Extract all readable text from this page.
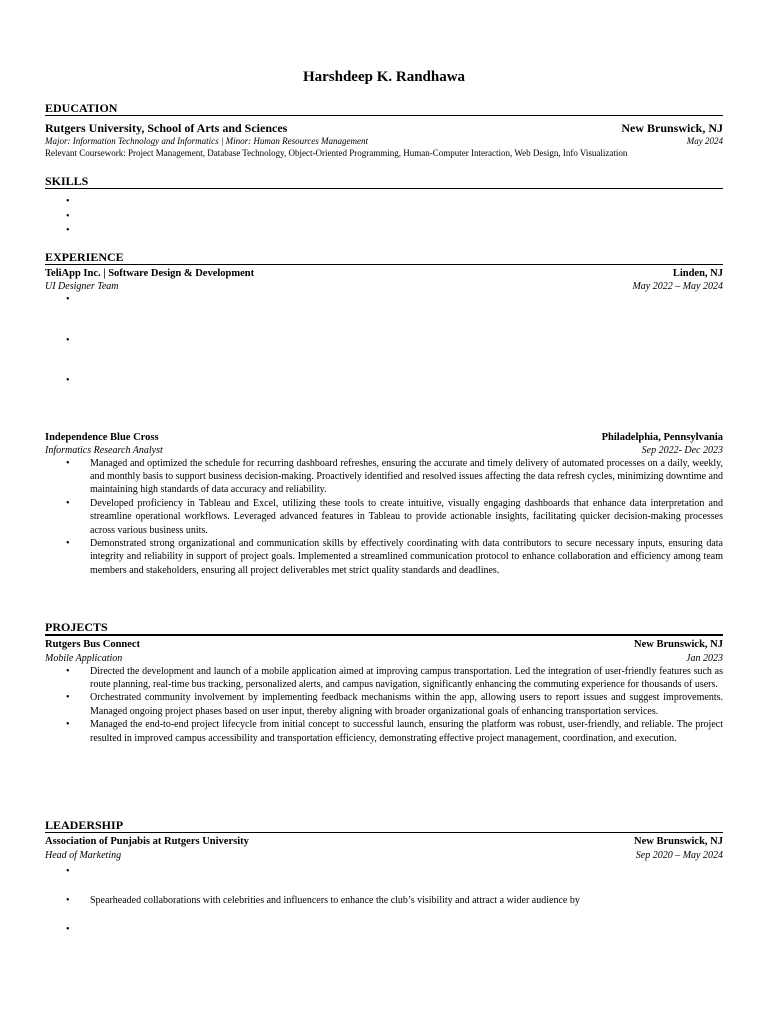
Harshdeep K. Randhawa
EDUCATION
Rutgers University, School of Arts and Sciences	New Brunswick, NJ
Major: Information Technology and Informatics | Minor: Human Resources Management	May 2024
Relevant Coursework: Project Management, Database Technology, Object-Oriented Programming, Human-Computer Interaction, Web Design, Info Visualization
SKILLS
•
•
•
EXPERIENCE
TeliApp Inc. | Software Design & Development	Linden, NJ
UI Designer Team	May 2022 – May 2024
•
•
•
Independence Blue Cross	Philadelphia, Pennsylvania
Informatics Research Analyst	Sep 2022- Dec 2023
• Managed and optimized the schedule for recurring dashboard refreshes, ensuring the accurate and timely delivery of automated processes on a daily, weekly, and monthly basis to support business decision-making. Proactively identified and resolved issues affecting the data refresh cycles, minimizing downtime and maintaining high standards of data accuracy and reliability.
• Developed proficiency in Tableau and Excel, utilizing these tools to create intuitive, visually engaging dashboards that enhance data interpretation and streamline operational workflows. Leveraged advanced features in Tableau to provide actionable insights, facilitating quicker decision-making processes across various business units.
• Demonstrated strong organizational and communication skills by effectively coordinating with data contributors to secure necessary inputs, ensuring data integrity and reliability in support of project goals. Implemented a streamlined communication protocol to enhance collaboration and efficiency among team members and stakeholders, ensuring all project deliverables met strict quality standards and deadlines.
PROJECTS
Rutgers Bus Connect	New Brunswick, NJ
Mobile Application	Jan 2023
• Directed the development and launch of a mobile application aimed at improving campus transportation. Led the integration of user-friendly features such as route planning, real-time bus tracking, personalized alerts, and campus navigation, significantly enhancing the commuting experience for thousands of users.
• Orchestrated community involvement by implementing feedback mechanisms within the app, allowing users to report issues and suggest improvements. Managed ongoing project phases based on user input, thereby aligning with broader organizational goals of enhancing transportation services.
• Managed the end-to-end project lifecycle from initial concept to successful launch, ensuring the platform was robust, user-friendly, and reliable. The project resulted in improved campus accessibility and transportation efficiency, demonstrating effective project management, coordination, and execution.
LEADERSHIP
Association of Punjabis at Rutgers University	New Brunswick, NJ
Head of Marketing	Sep 2020 – May 2024
•
• Spearheaded collaborations with celebrities and influencers to enhance the club’s visibility and attract a wider audience by
•
